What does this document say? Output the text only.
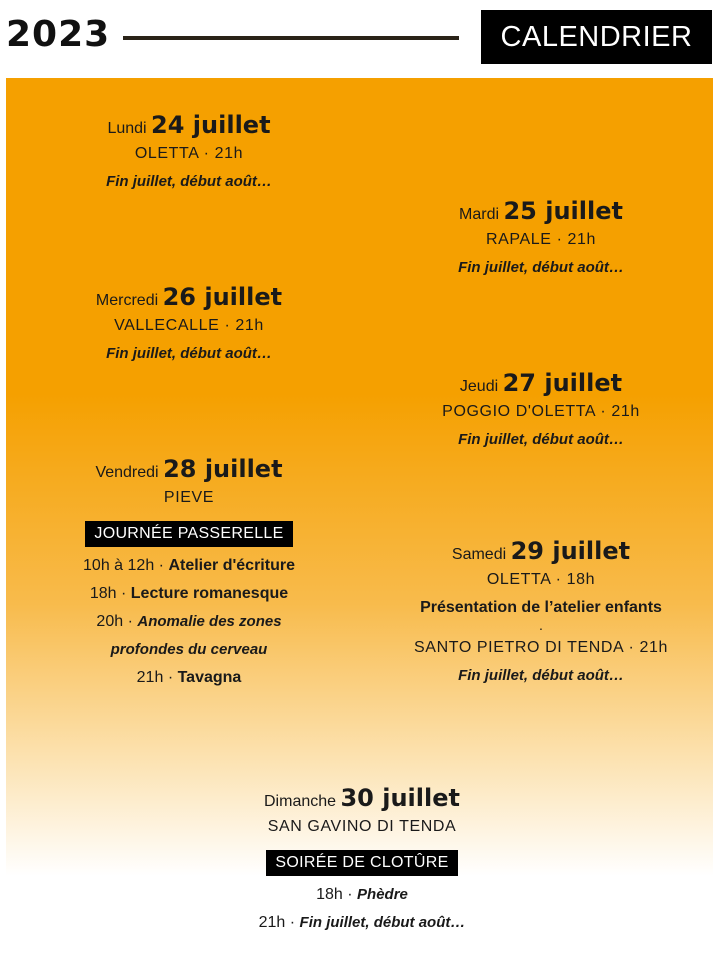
2023	CALENDRIER
Lundi 24 juillet
OLETTA · 21h
Fin juillet, début août…
Mardi 25 juillet
RAPALE · 21h
Fin juillet, début août…
Mercredi 26 juillet
VALLECALLE · 21h
Fin juillet, début août…
Jeudi 27 juillet
POGGIO D'OLETTA · 21h
Fin juillet, début août…
Vendredi 28 juillet
PIEVE
JOURNÉE PASSERELLE
10h à 12h · Atelier d'écriture
18h · Lecture romanesque
20h · Anomalie des zones
profondes du cerveau
21h · Tavagna
Samedi 29 juillet
OLETTA · 18h
Présentation de l’atelier enfants
·
SANTO PIETRO DI TENDA · 21h
Fin juillet, début août…
Dimanche 30 juillet
SAN GAVINO DI TENDA
SOIRÉE DE CLOTÛRE
18h · Phèdre
21h · Fin juillet, début août…
